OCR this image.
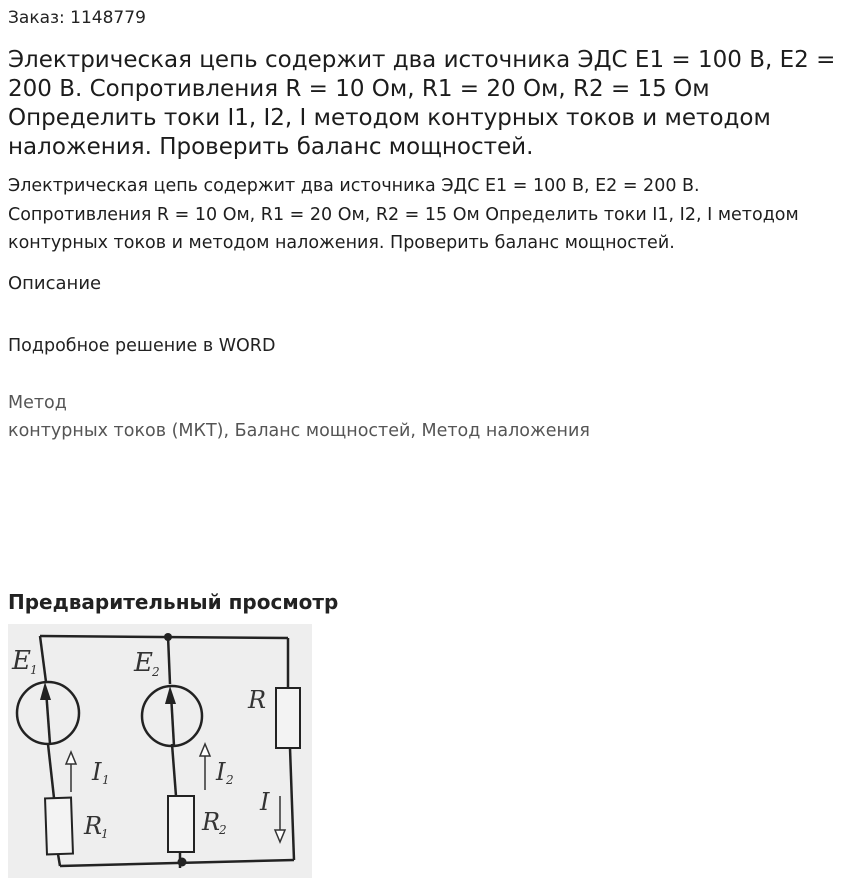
Заказ: 1148779
Электрическая цепь содержит два источника ЭДС E1 = 100 В, E2 = 200 В. Сопротивления R = 10 Ом, R1 = 20 Ом, R2 = 15 Ом Определить токи I1, I2, I методом контурных токов и методом наложения. Проверить баланс мощностей.
Электрическая цепь содержит два источника ЭДС E1 = 100 В, E2 = 200 В. Сопротивления R = 10 Ом, R1 = 20 Ом, R2 = 15 Ом Определить токи I1, I2, I методом контурных токов и методом наложения. Проверить баланс мощностей.
Описание
Подробное решение в WORD
Метод
контурных токов (МКТ), Баланс мощностей, Метод наложения
Предварительный просмотр
E 1	E 2
R
I 1	I 2
I
R
1	R
2
